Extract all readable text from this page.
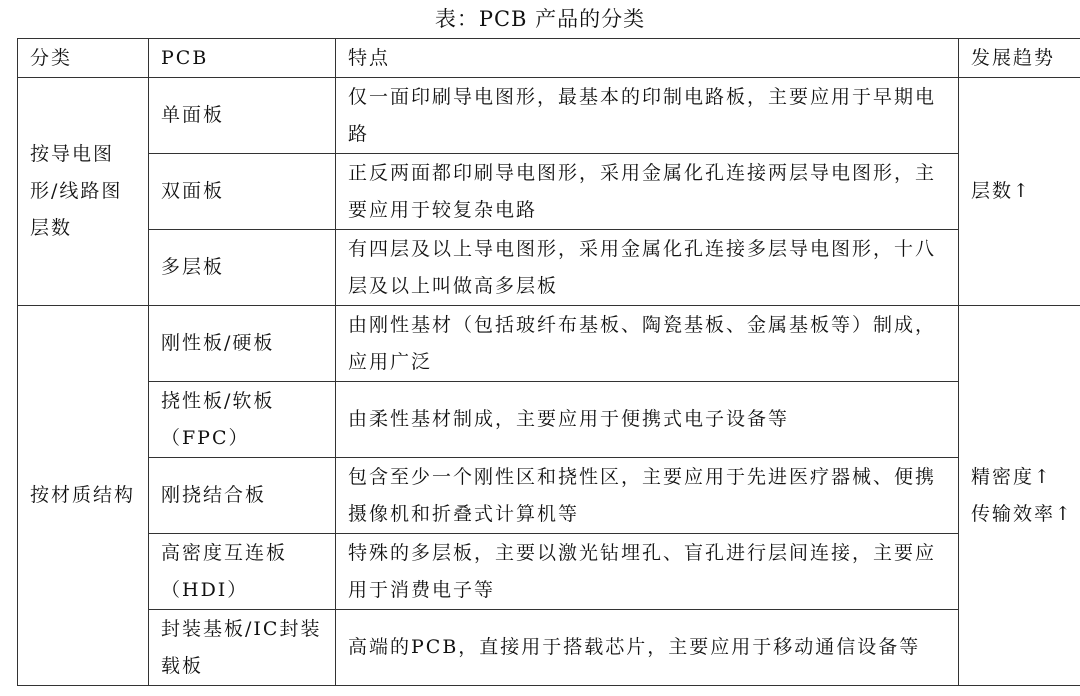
表：PCB 产品的分类
分类	PCB	特点	发展趋势
按导电图形/线路图层数	单面板	仅一面印刷导电图形，最基本的印制电路板，主要应用于早期电路	层数↑

	双面板	正反两面都印刷导电图形，采用金属化孔连接两层导电图形，主要应用于较复杂电路	
	多层板	有四层及以上导电图形，采用金属化孔连接多层导电图形，十八层及以上叫做高多层板	
按材质结构	刚性板/硬板	由刚性基材（包括玻纤布基板、陶瓷基板、金属基板等）制成，应用广泛	精密度↑
传输效率↑

	挠性板/软板（FPC）	由柔性基材制成，主要应用于便携式电子设备等	
	刚挠结合板	包含至少一个刚性区和挠性区，主要应用于先进医疗器械、便携摄像机和折叠式计算机等	
	高密度互连板（HDI）	特殊的多层板，主要以激光钻埋孔、盲孔进行层间连接，主要应用于消费电子等	
	封装基板/IC封装载板	高端的PCB，直接用于搭载芯片，主要应用于移动通信设备等	
